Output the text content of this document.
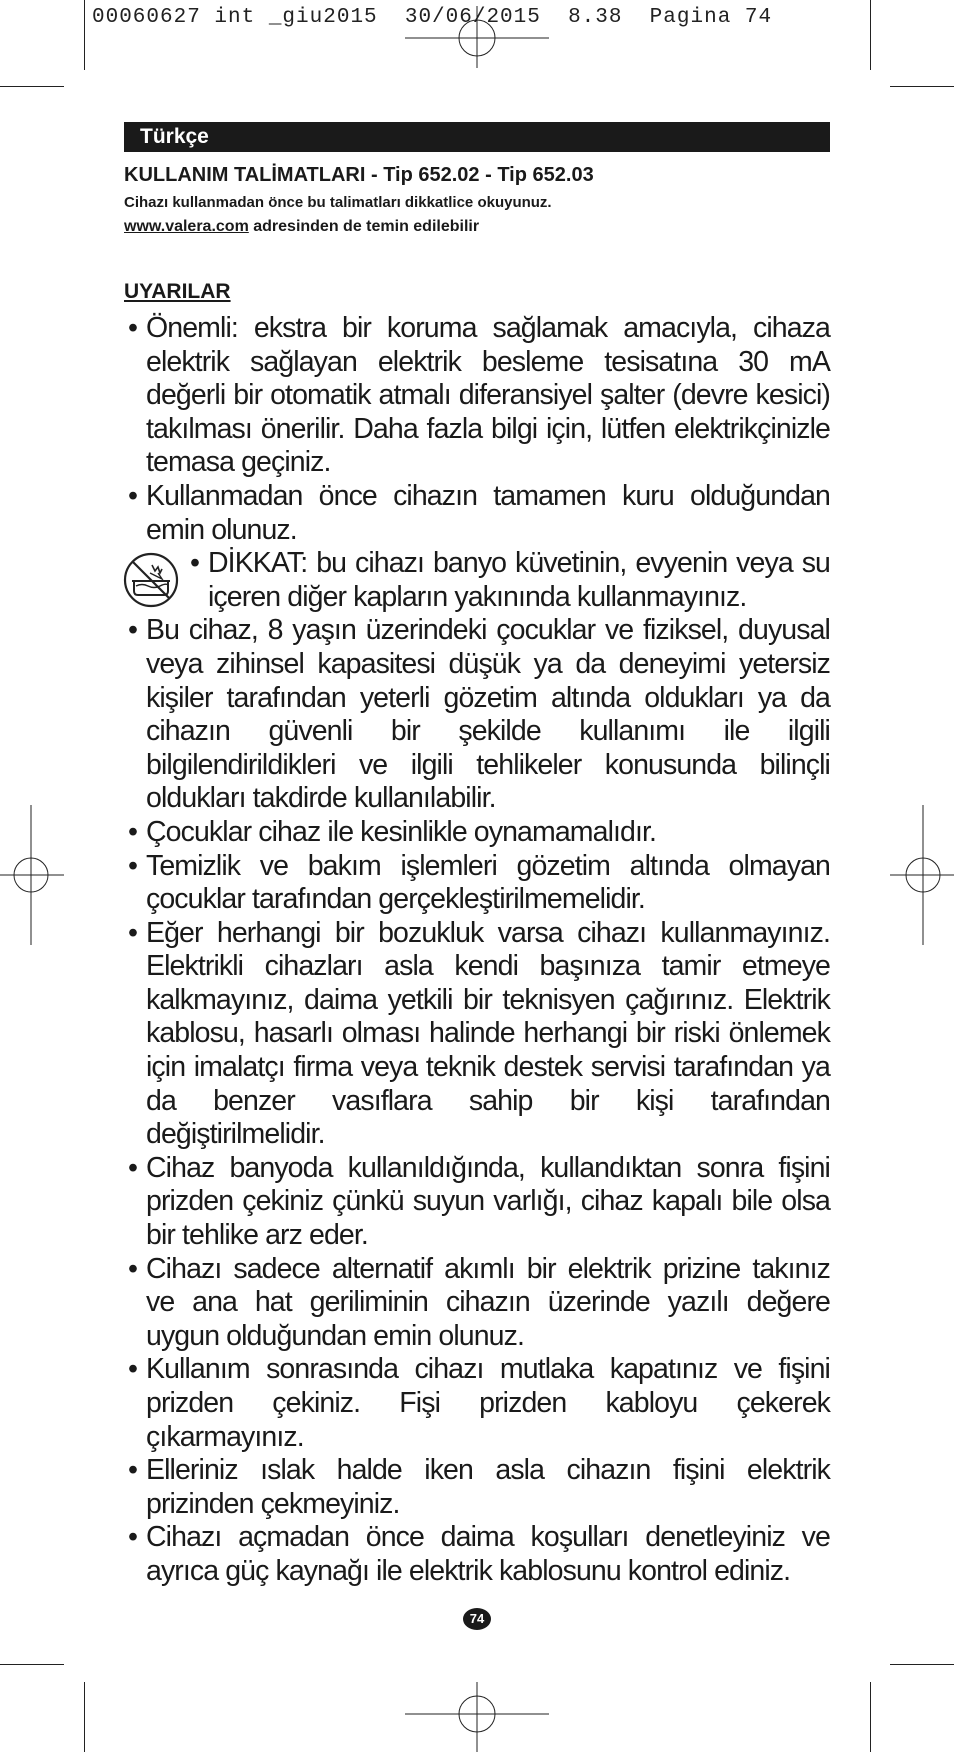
00060627 int _giu2015  30/06/2015  8.38  Pagina 74
Türkçe
KULLANIM TALİMATLARI - Tip 652.02 - Tip 652.03
Cihazı kullanmadan önce bu talimatları dikkatlice okuyunuz.
www.valera.com adresinden de temin edilebilir
UYARILAR
• Önemli: ekstra bir koruma sağlamak amacıyla, cihaza elektrik sağlayan elektrik besleme tesisatına 30 mA değerli bir otomatik atmalı diferansiyel şalter (devre kesici) takılması önerilir. Daha fazla bilgi için, lütfen elektrikçinizle temasa geçiniz.
• Kullanmadan önce cihazın tamamen kuru olduğundan emin olunuz.
• DİKKAT: bu cihazı banyo küvetinin, evyenin veya su içeren diğer kapların yakınında kullanmayınız.
• Bu cihaz, 8 yaşın üzerindeki çocuklar ve fiziksel, duyusal veya zihinsel kapasitesi düşük ya da deneyimi yetersiz kişiler tarafından yeterli gözetim altında oldukları ya da cihazın güvenli bir şekilde kullanımı ile ilgili bilgilendirildikleri ve ilgili tehlikeler konusunda bilinçli oldukları takdirde kullanılabilir.
• Çocuklar cihaz ile kesinlikle oynamamalıdır.
• Temizlik ve bakım işlemleri gözetim altında olmayan çocuklar tarafından gerçekleştirilmemelidir.
• Eğer herhangi bir bozukluk varsa cihazı kullanmayınız. Elektrikli cihazları asla kendi başınıza tamir etmeye kalkmayınız, daima yetkili bir teknisyen çağırınız. Elektrik kablosu, hasarlı olması halinde herhangi bir riski önlemek için imalatçı firma veya teknik destek servisi tarafından ya da benzer vasıflara sahip bir kişi tarafından değiştirilmelidir.
• Cihaz banyoda kullanıldığında, kullandıktan sonra fişini prizden çekiniz çünkü suyun varlığı, cihaz kapalı bile olsa bir tehlike arz eder.
• Cihazı sadece alternatif akımlı bir elektrik prizine takınız ve ana hat geriliminin cihazın üzerinde yazılı değere uygun olduğundan emin olunuz.
• Kullanım sonrasında cihazı mutlaka kapatınız ve fişini prizden çekiniz. Fişi prizden kabloyu çekerek çıkarmayınız.
• Elleriniz ıslak halde iken asla cihazın fişini elektrik prizinden çekmeyiniz.
• Cihazı açmadan önce daima koşulları denetleyiniz ve ayrıca güç kaynağı ile elektrik kablosunu kontrol ediniz.
74
